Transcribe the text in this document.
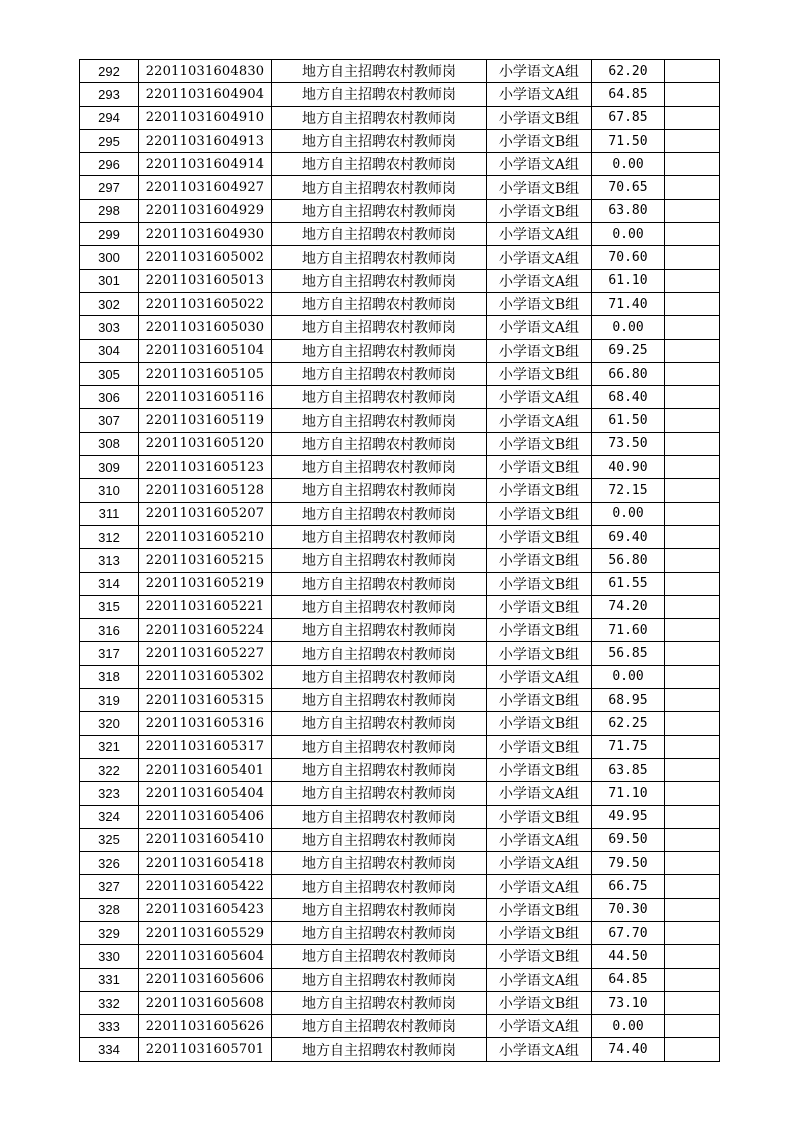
292	22011031604830	地方自主招聘农村教师岗	小学语文A组	62.20	
293	22011031604904	地方自主招聘农村教师岗	小学语文A组	64.85	
294	22011031604910	地方自主招聘农村教师岗	小学语文B组	67.85	
295	22011031604913	地方自主招聘农村教师岗	小学语文B组	71.50	
296	22011031604914	地方自主招聘农村教师岗	小学语文A组	0.00	
297	22011031604927	地方自主招聘农村教师岗	小学语文B组	70.65	
298	22011031604929	地方自主招聘农村教师岗	小学语文B组	63.80	
299	22011031604930	地方自主招聘农村教师岗	小学语文A组	0.00	
300	22011031605002	地方自主招聘农村教师岗	小学语文A组	70.60	
301	22011031605013	地方自主招聘农村教师岗	小学语文A组	61.10	
302	22011031605022	地方自主招聘农村教师岗	小学语文B组	71.40	
303	22011031605030	地方自主招聘农村教师岗	小学语文A组	0.00	
304	22011031605104	地方自主招聘农村教师岗	小学语文B组	69.25	
305	22011031605105	地方自主招聘农村教师岗	小学语文B组	66.80	
306	22011031605116	地方自主招聘农村教师岗	小学语文A组	68.40	
307	22011031605119	地方自主招聘农村教师岗	小学语文A组	61.50	
308	22011031605120	地方自主招聘农村教师岗	小学语文B组	73.50	
309	22011031605123	地方自主招聘农村教师岗	小学语文B组	40.90	
310	22011031605128	地方自主招聘农村教师岗	小学语文B组	72.15	
311	22011031605207	地方自主招聘农村教师岗	小学语文B组	0.00	
312	22011031605210	地方自主招聘农村教师岗	小学语文B组	69.40	
313	22011031605215	地方自主招聘农村教师岗	小学语文B组	56.80	
314	22011031605219	地方自主招聘农村教师岗	小学语文B组	61.55	
315	22011031605221	地方自主招聘农村教师岗	小学语文B组	74.20	
316	22011031605224	地方自主招聘农村教师岗	小学语文B组	71.60	
317	22011031605227	地方自主招聘农村教师岗	小学语文B组	56.85	
318	22011031605302	地方自主招聘农村教师岗	小学语文A组	0.00	
319	22011031605315	地方自主招聘农村教师岗	小学语文B组	68.95	
320	22011031605316	地方自主招聘农村教师岗	小学语文B组	62.25	
321	22011031605317	地方自主招聘农村教师岗	小学语文B组	71.75	
322	22011031605401	地方自主招聘农村教师岗	小学语文B组	63.85	
323	22011031605404	地方自主招聘农村教师岗	小学语文A组	71.10	
324	22011031605406	地方自主招聘农村教师岗	小学语文B组	49.95	
325	22011031605410	地方自主招聘农村教师岗	小学语文A组	69.50	
326	22011031605418	地方自主招聘农村教师岗	小学语文A组	79.50	
327	22011031605422	地方自主招聘农村教师岗	小学语文A组	66.75	
328	22011031605423	地方自主招聘农村教师岗	小学语文B组	70.30	
329	22011031605529	地方自主招聘农村教师岗	小学语文B组	67.70	
330	22011031605604	地方自主招聘农村教师岗	小学语文B组	44.50	
331	22011031605606	地方自主招聘农村教师岗	小学语文A组	64.85	
332	22011031605608	地方自主招聘农村教师岗	小学语文B组	73.10	
333	22011031605626	地方自主招聘农村教师岗	小学语文A组	0.00	
334	22011031605701	地方自主招聘农村教师岗	小学语文A组	74.40	
